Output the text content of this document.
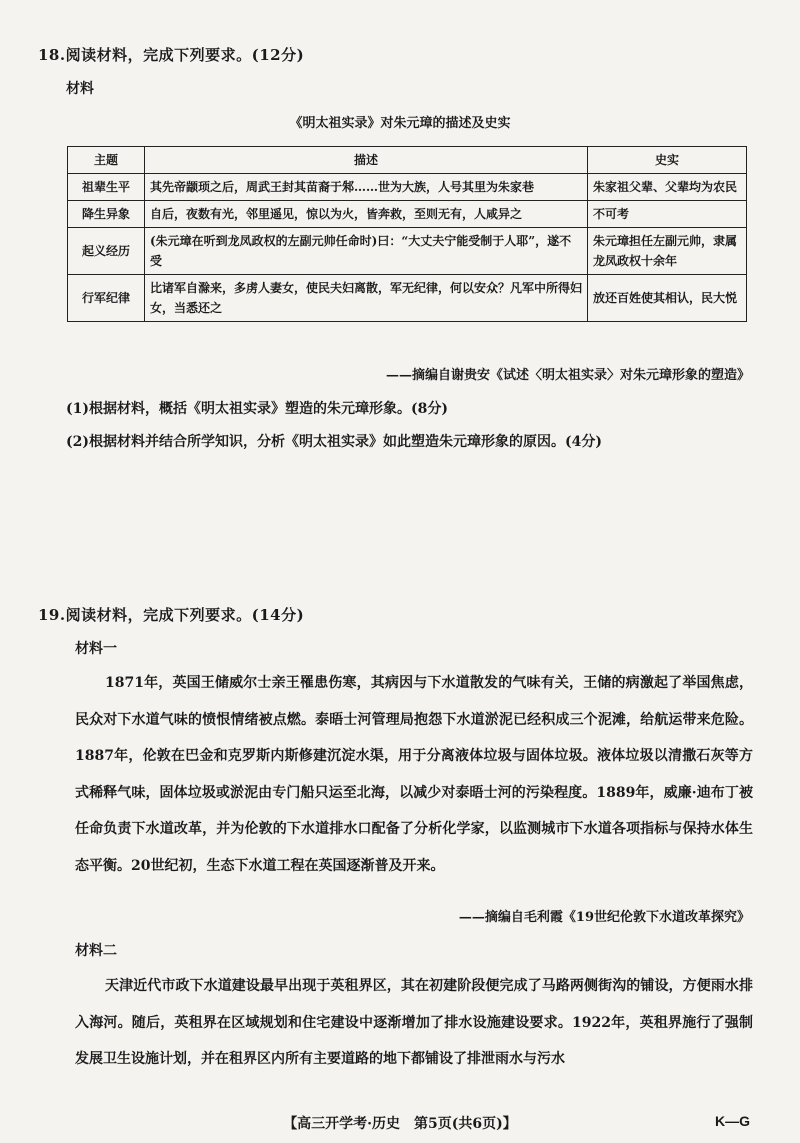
18.阅读材料，完成下列要求。(12分)
材料
《明太祖实录》对朱元璋的描述及史实
主题	描述	史实
祖辈生平	其先帝颛顼之后，周武王封其苗裔于邾……世为大族，人号其里为朱家巷	朱家祖父辈、父辈均为农民
降生异象	自后，夜数有光，邻里遥见，惊以为火，皆奔救，至则无有，人咸异之	不可考
起义经历	(朱元璋在听到龙凤政权的左副元帅任命时)曰：“大丈夫宁能受制于人耶”，遂不受	朱元璋担任左副元帅，隶属龙凤政权十余年
行军纪律	比诸军自滁来，多虏人妻女，使民夫妇离散，军无纪律，何以安众？凡军中所得妇女，当悉还之	放还百姓使其相认，民大悦
——摘编自谢贵安《试述〈明太祖实录〉对朱元璋形象的塑造》
(1)根据材料，概括《明太祖实录》塑造的朱元璋形象。(8分)
(2)根据材料并结合所学知识，分析《明太祖实录》如此塑造朱元璋形象的原因。(4分)
19.阅读材料，完成下列要求。(14分)
材料一

1871年，英国王储威尔士亲王罹患伤寒，其病因与下水道散发的气味有关，王储的病激起了举国焦虑，民众对下水道气味的愤恨情绪被点燃。泰晤士河管理局抱怨下水道淤泥已经积成三个泥滩，给航运带来危险。1887年，伦敦在巴金和克罗斯内斯修建沉淀水渠，用于分离液体垃圾与固体垃圾。液体垃圾以清撒石灰等方式稀释气味，固体垃圾或淤泥由专门船只运至北海，以减少对泰晤士河的污染程度。1889年，威廉·迪布丁被任命负责下水道改革，并为伦敦的下水道排水口配备了分析化学家，以监测城市下水道各项指标与保持水体生态平衡。20世纪初，生态下水道工程在英国逐渐普及开来。

——摘编自毛利霞《19世纪伦敦下水道改革探究》
材料二

天津近代市政下水道建设最早出现于英租界区，其在初建阶段便完成了马路两侧街沟的铺设，方便雨水排入海河。随后，英租界在区域规划和住宅建设中逐渐增加了排水设施建设要求。1922年，英租界施行了强制发展卫生设施计划，并在租界区内所有主要道路的地下都铺设了排泄雨水与污水

【高三开学考·历史　第5页(共6页)】	K—G
